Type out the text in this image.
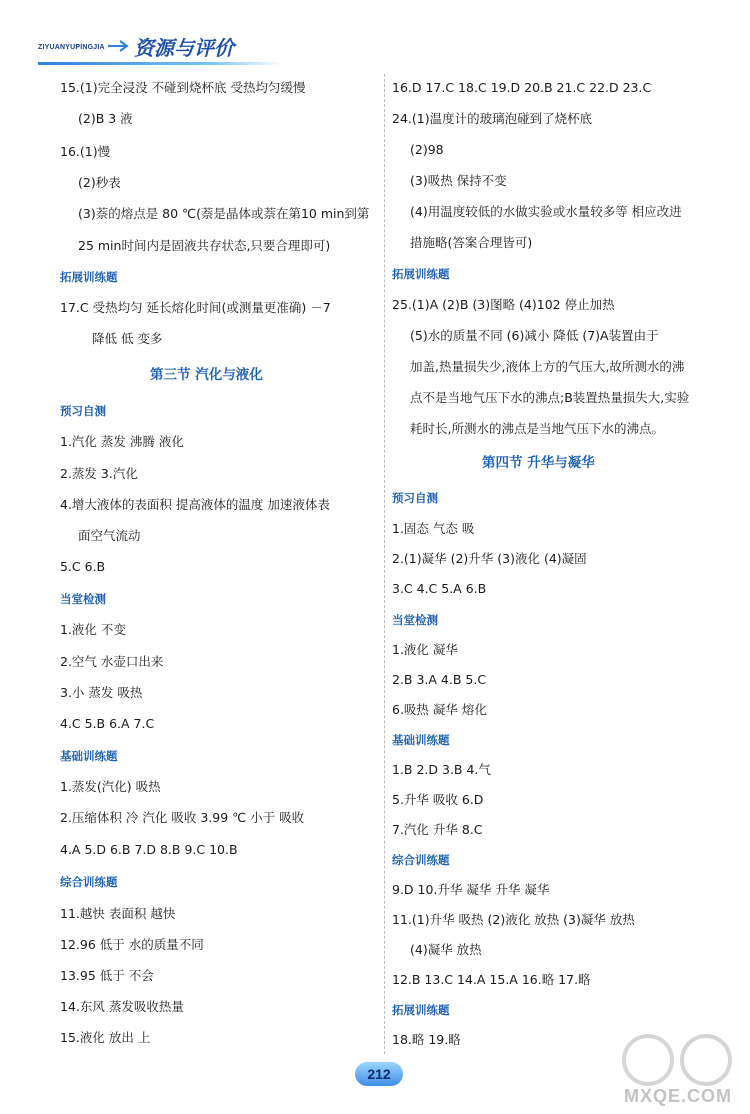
ZIYUANYUPINGJIA 资源与评价
15.(1)完全浸没 不碰到烧杯底 受热均匀缓慢
(2)B 3 液
16.(1)慢
(2)秒表
(3)萘的熔点是 80 ℃(萘是晶体或萘在第10 min到第
25 min时间内是固液共存状态,只要合理即可)
拓展训练题
17.C 受热均匀 延长熔化时间(或测量更准确) －7
降低 低 变多
第三节 汽化与液化
预习自测
1.汽化 蒸发 沸腾 液化
2.蒸发 3.汽化
4.增大液体的表面积 提高液体的温度 加速液体表
面空气流动
5.C 6.B
当堂检测
1.液化 不变
2.空气 水壶口出来
3.小 蒸发 吸热
4.C 5.B 6.A 7.C
基础训练题
1.蒸发(汽化) 吸热
2.压缩体积 冷 汽化 吸收 3.99 ℃ 小于 吸收
4.A 5.D 6.B 7.D 8.B 9.C 10.B
综合训练题
11.越快 表面积 越快
12.96 低于 水的质量不同
13.95 低于 不会
14.东风 蒸发吸收热量
15.液化 放出 上
16.D 17.C 18.C 19.D 20.B 21.C 22.D 23.C
24.(1)温度计的玻璃泡碰到了烧杯底
(2)98
(3)吸热 保持不变
(4)用温度较低的水做实验或水量较多等 相应改进
措施略(答案合理皆可)
拓展训练题
25.(1)A (2)B (3)图略 (4)102 停止加热
(5)水的质量不同 (6)减小 降低 (7)A装置由于
加盖,热量损失少,液体上方的气压大,故所测水的沸
点不是当地气压下水的沸点;B装置热量损失大,实验
耗时长,所测水的沸点是当地气压下水的沸点。
第四节 升华与凝华
预习自测
1.固态 气态 吸
2.(1)凝华 (2)升华 (3)液化 (4)凝固
3.C 4.C 5.A 6.B
当堂检测
1.液化 凝华
2.B 3.A 4.B 5.C
6.吸热 凝华 熔化
基础训练题
1.B 2.D 3.B 4.气
5.升华 吸收 6.D
7.汽化 升华 8.C
综合训练题
9.D 10.升华 凝华 升华 凝华
11.(1)升华 吸热 (2)液化 放热 (3)凝华 放热
(4)凝华 放热
12.B 13.C 14.A 15.A 16.略 17.略
拓展训练题
18.略 19.略
212
MXQE.COM
